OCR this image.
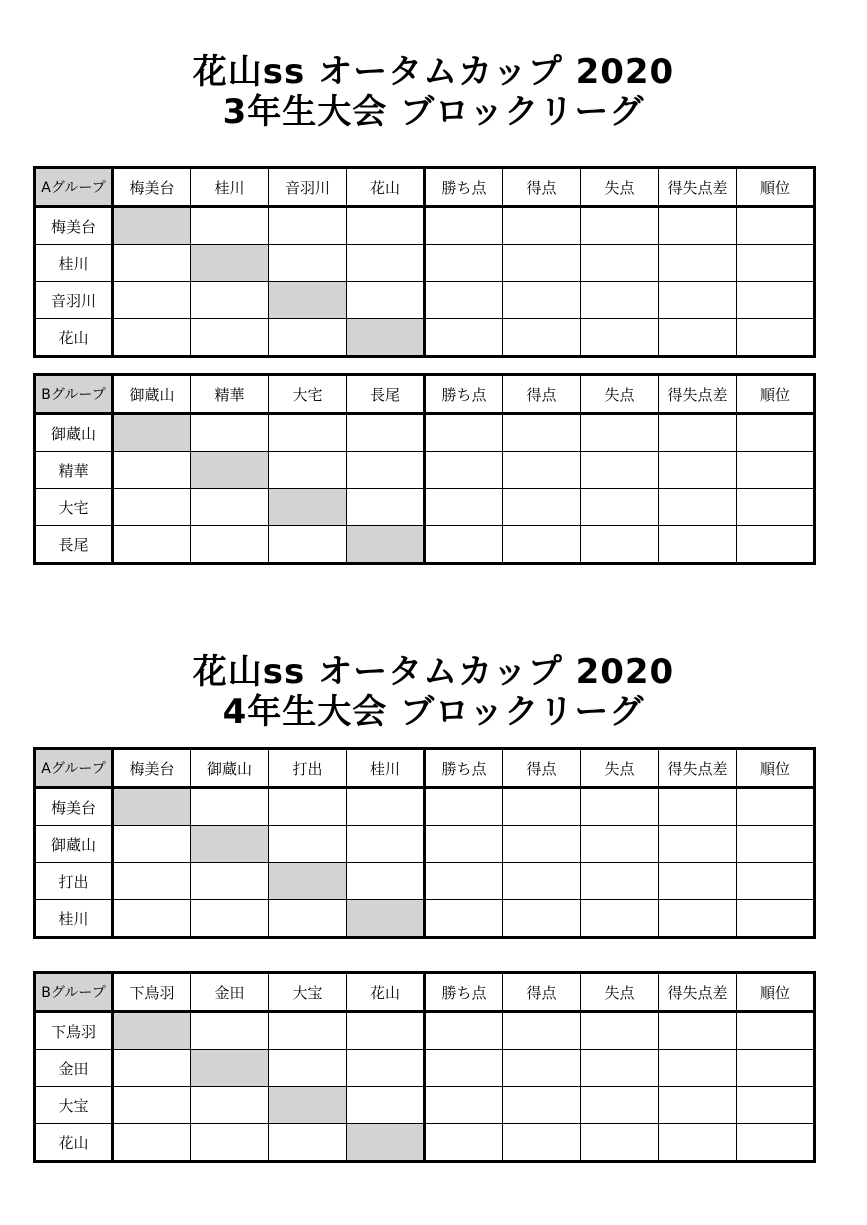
花山ss オータムカップ 2020
3年生大会 ブロックリーグ
Aグループ	梅美台	桂川	音羽川	花山	勝ち点	得点	失点	得失点差	順位
梅美台									
桂川									
音羽川									
花山									
Bグループ	御蔵山	精華	大宅	長尾	勝ち点	得点	失点	得失点差	順位
御蔵山									
精華									
大宅									
長尾									
花山ss オータムカップ 2020
4年生大会 ブロックリーグ
Aグループ	梅美台	御蔵山	打出	桂川	勝ち点	得点	失点	得失点差	順位
梅美台									
御蔵山									
打出									
桂川									
Bグループ	下鳥羽	金田	大宝	花山	勝ち点	得点	失点	得失点差	順位
下鳥羽									
金田									
大宝									
花山									
